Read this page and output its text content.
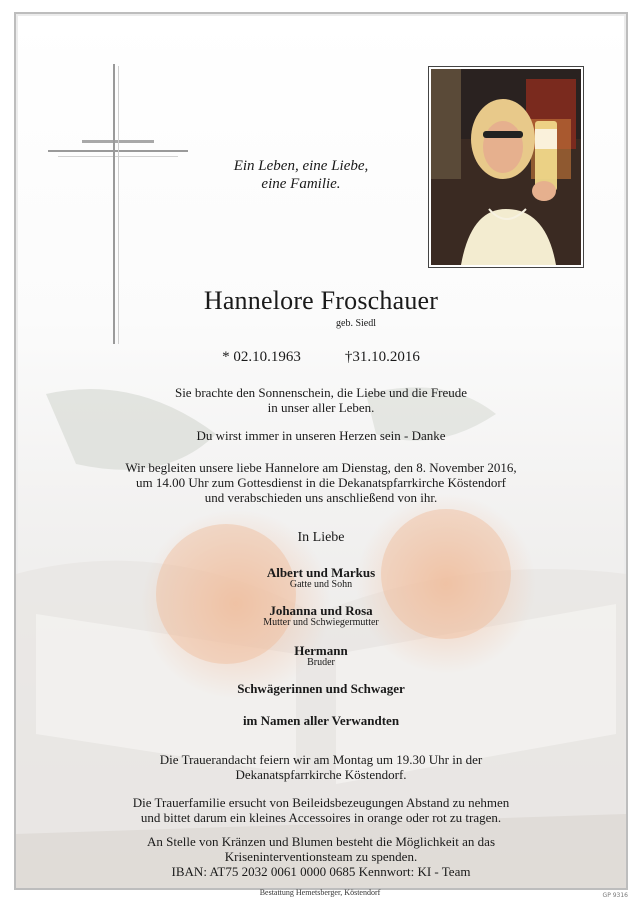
Ein Leben, eine Liebe,
eine Familie.
Hannelore Froschauer
geb. Siedl
* 02.10.1963	†31.10.2016
Sie brachte den Sonnenschein, die Liebe und die Freude
in unser aller Leben.
Du wirst immer in unseren Herzen sein - Danke
Wir begleiten unsere liebe Hannelore am Dienstag, den 8. November 2016,
um 14.00 Uhr zum Gottesdienst in die Dekanatspfarrkirche Köstendorf
und verabschieden uns anschließend von ihr.
In Liebe
Albert und Markus
Gatte und Sohn
Johanna und Rosa
Mutter und Schwiegermutter
Hermann
Bruder
Schwägerinnen und Schwager
im Namen aller Verwandten
Die Trauerandacht feiern wir am Montag um 19.30 Uhr in der
Dekanatspfarrkirche Köstendorf.
Die Trauerfamilie ersucht von Beileidsbezeugungen Abstand zu nehmen
und bittet darum ein kleines Accessoires in orange oder rot zu tragen.
An Stelle von Kränzen und Blumen besteht die Möglichkeit an das
Kriseninterventionsteam zu spenden.
IBAN: AT75 2032 0061 0000 0685 Kennwort: KI - Team
Bestattung Hemetsberger, Köstendorf	GP 9316
